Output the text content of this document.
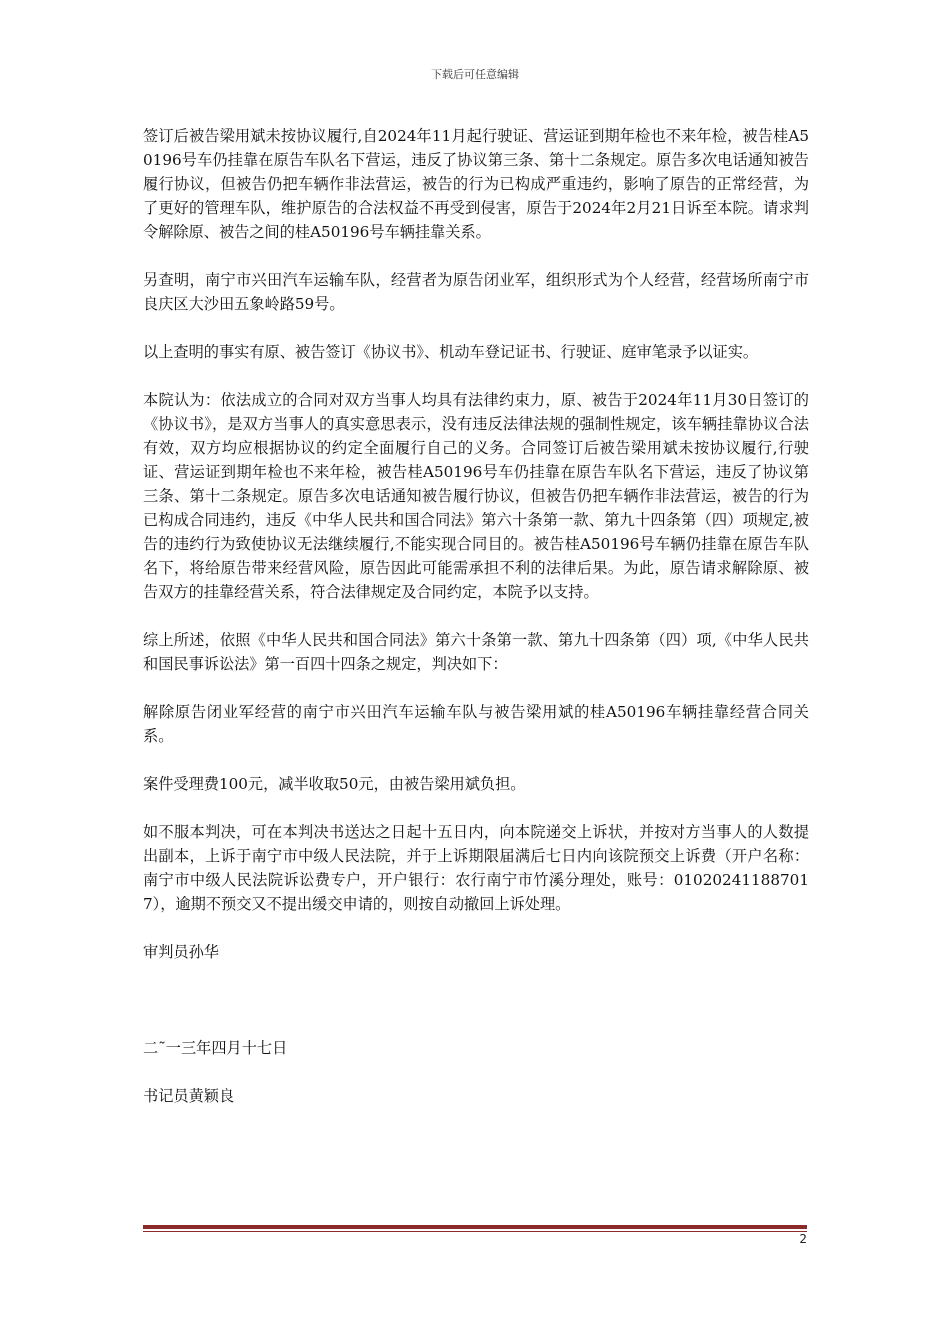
下载后可任意编辑

签订后被告梁用斌未按协议履行,自2024年11月起行驶证、营运证到期年检也不来年检，被告桂A50196号车仍挂靠在原告车队名下营运，违反了协议第三条、第十二条规定。原告多次电话通知被告履行协议，但被告仍把车辆作非法营运，被告的行为已构成严重违约，影响了原告的正常经营，为了更好的管理车队，维护原告的合法权益不再受到侵害，原告于2024年2月21日诉至本院。请求判令解除原、被告之间的桂A50196号车辆挂靠关系。

另查明，南宁市兴田汽车运输车队，经营者为原告闭业军，组织形式为个人经营，经营场所南宁市良庆区大沙田五象岭路59号。

以上查明的事实有原、被告签订《协议书》、机动车登记证书、行驶证、庭审笔录予以证实。

本院认为：依法成立的合同对双方当事人均具有法律约束力，原、被告于2024年11月30日签订的《协议书》，是双方当事人的真实意思表示，没有违反法律法规的强制性规定，该车辆挂靠协议合法有效，双方均应根据协议的约定全面履行自己的义务。合同签订后被告梁用斌未按协议履行,行驶证、营运证到期年检也不来年检，被告桂A50196号车仍挂靠在原告车队名下营运，违反了协议第三条、第十二条规定。原告多次电话通知被告履行协议，但被告仍把车辆作非法营运，被告的行为已构成合同违约，违反《中华人民共和国合同法》第六十条第一款、第九十四条第（四）项规定,被告的违约行为致使协议无法继续履行,不能实现合同目的。被告桂A50196号车辆仍挂靠在原告车队名下，将给原告带来经营风险，原告因此可能需承担不利的法律后果。为此，原告请求解除原、被告双方的挂靠经营关系，符合法律规定及合同约定，本院予以支持。

综上所述，依照《中华人民共和国合同法》第六十条第一款、第九十四条第（四）项,《中华人民共和国民事诉讼法》第一百四十四条之规定，判决如下：

解除原告闭业军经营的南宁市兴田汽车运输车队与被告梁用斌的桂A50196车辆挂靠经营合同关系。

案件受理费100元，减半收取50元，由被告梁用斌负担。

如不服本判决，可在本判决书送达之日起十五日内，向本院递交上诉状，并按对方当事人的人数提出副本，上诉于南宁市中级人民法院，并于上诉期限届满后七日内向该院预交上诉费（开户名称：南宁市中级人民法院诉讼费专户，开户银行：农行南宁市竹溪分理处，账号：010202411887017），逾期不预交又不提出缓交申请的，则按自动撤回上诉处理。

审判员孙华

二˜一三年四月十七日

书记员黄颖良

2
